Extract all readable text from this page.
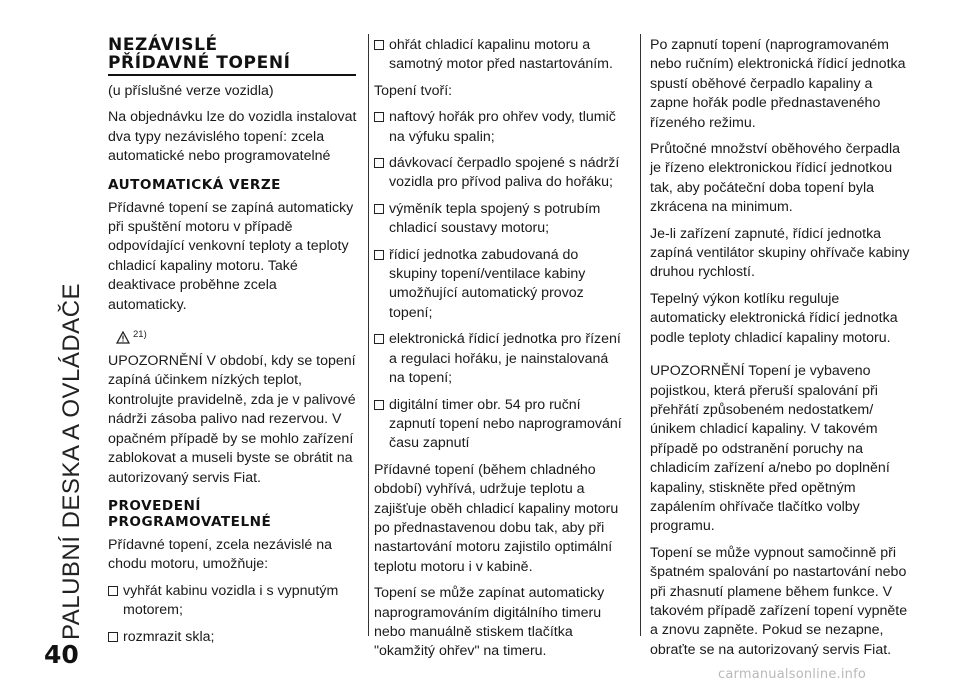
PALUBNÍ DESKA A OVLÁDAČE
NEZÁVISLÉ
PŘÍDAVNÉ TOPENÍ

(u příslušné verze vozidla)

Na objednávku lze do vozidla instalovat dva typy nezávislého topení: zcela automatické nebo programovatelné

AUTOMATICKÁ VERZE

Přídavné topení se zapíná automaticky při spuštění motoru v případě odpovídající venkovní teploty a teploty chladicí kapaliny motoru. Také deaktivace proběhne zcela automaticky.

21)

UPOZORNĚNÍ V období, kdy se topení zapíná účinkem nízkých teplot, kontrolujte pravidelně, zda je v palivové nádrži zásoba palivo nad rezervou. V opačném případě by se mohlo zařízení zablokovat a museli byste se obrátit na autorizovaný servis Fiat.

PROVEDENÍ
PROGRAMOVATELNÉ

Přídavné topení, zcela nezávislé na chodu motoru, umožňuje:

vyhřát kabinu vozidla i s vypnutým motorem;
rozmrazit skla;
ohřát chladicí kapalinu motoru a samotný motor před nastartováním.

Topení tvoří:

naftový hořák pro ohřev vody, tlumič na výfuku spalin;
dávkovací čerpadlo spojené s nádrží vozidla pro přívod paliva do hořáku;
výměník tepla spojený s potrubím chladicí soustavy motoru;
řídicí jednotka zabudovaná do skupiny topení/ventilace kabiny umožňující automatický provoz topení;
elektronická řídicí jednotka pro řízení a regulaci hořáku, je nainstalovaná na topení;
digitální timer obr. 54 pro ruční zapnutí topení nebo naprogramování času zapnutí

Přídavné topení (během chladného období) vyhřívá, udržuje teplotu a zajišťuje oběh chladicí kapaliny motoru po přednastavenou dobu tak, aby při nastartování motoru zajistilo optimální teplotu motoru i v kabině.

Topení se může zapínat automaticky naprogramováním digitálního timeru nebo manuálně stiskem tlačítka "okamžitý ohřev" na timeru.

Po zapnutí topení (naprogramovaném nebo ručním) elektronická řídicí jednotka spustí oběhové čerpadlo kapaliny a zapne hořák podle přednastaveného řízeného režimu.

Průtočné množství oběhového čerpadla je řízeno elektronickou řídicí jednotkou tak, aby počáteční doba topení byla zkrácena na minimum.

Je-li zařízení zapnuté, řídicí jednotka zapíná ventilátor skupiny ohřívače kabiny druhou rychlostí.

Tepelný výkon kotlíku reguluje automaticky elektronická řídicí jednotka podle teploty chladicí kapaliny motoru.

UPOZORNĚNÍ Topení je vybaveno pojistkou, která přeruší spalování při přehřátí způsobeném nedostatkem/ únikem chladicí kapaliny. V takovém případě po odstranění poruchy na chladicím zařízení a/nebo po doplnění kapaliny, stiskněte před opětným zapálením ohřívače tlačítko volby programu.

Topení se může vypnout samočinně při špatném spalování po nastartování nebo při zhasnutí plamene během funkce. V takovém případě zařízení topení vypněte a znovu zapněte. Pokud se nezapne, obraťte se na autorizovaný servis Fiat.

40
carmanualsonline.info
